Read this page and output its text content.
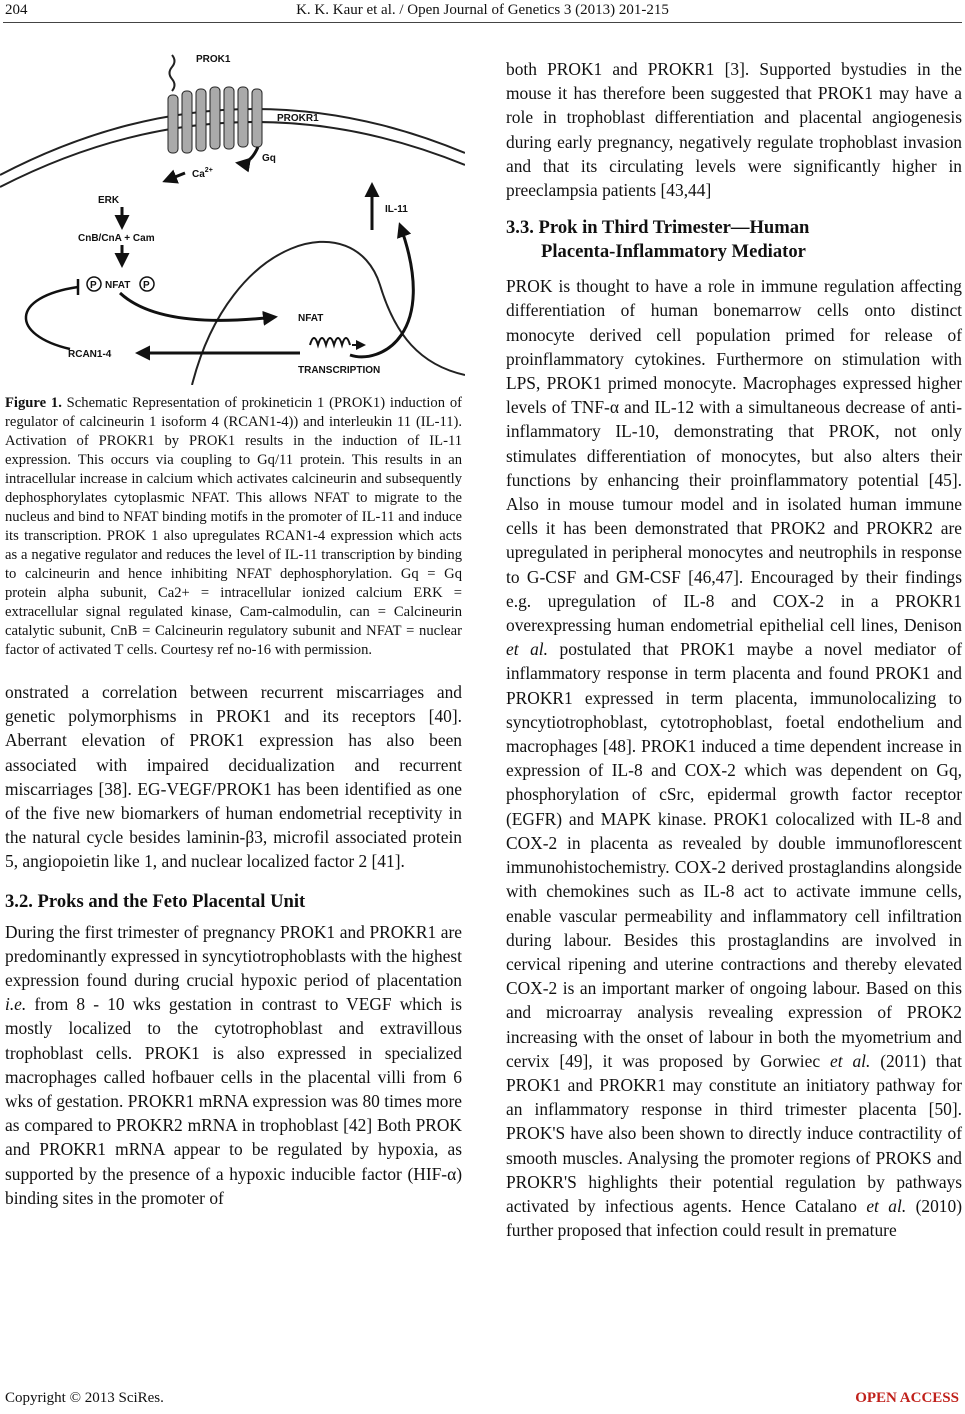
204	K. K. Kaur et al. / Open Journal of Genetics 3 (2013) 201-215
PROK1
PROKR1
Gq
$Ca^{2+}$
ERK
CnB/CnA + Cam
IL-11
P NFAT P
NFAT
RCAN1-4
TRANSCRIPTION
Figure 1. Schematic Representation of prokineticin 1 (PROK1) induction of regulator of calcineurin 1 isoform 4 (RCAN1-4)) and interleukin 11 (IL-11). Activation of PROKR1 by PROK1 results in the induction of IL-11 expression. This occurs via coupling to Gq/11 protein. This results in an intracellular increase in calcium which activates calcineurin and subsequently dephosphorylates cytoplasmic NFAT. This allows NFAT to migrate to the nucleus and bind to NFAT binding motifs in the promoter of IL-11 and induce its transcription. PROK 1 also upregulates RCAN1-4 expression which acts as a negative regulator and reduces the level of IL-11 transcription by binding to calcineurin and hence inhibiting NFAT dephosphorylation. Gq = Gq protein alpha subunit, Ca2+ = intracellular ionized calcium ERK = extracellular signal regulated kinase, Cam-calmodulin, can = Calcineurin catalytic subunit, CnB = Calcineurin regulatory subunit and NFAT = nuclear factor of activated T cells. Courtesy ref no-16 with permission.

onstrated a correlation between recurrent miscarriages and genetic polymorphisms in PROK1 and its receptors [40]. Aberrant elevation of PROK1 expression has also been associated with impaired decidualization and recurrent miscarriages [38]. EG-VEGF/PROK1 has been identified as one of the five new biomarkers of human endometrial receptivity in the natural cycle besides laminin-β3, microfil associated protein 5, angiopoietin like 1, and nuclear localized factor 2 [41].

3.2. Proks and the Feto Placental Unit

During the first trimester of pregnancy PROK1 and PROKR1 are predominantly expressed in syncytiotrophoblasts with the highest expression found during crucial hypoxic period of placentation i.e. from 8 - 10 wks gestation in contrast to VEGF which is mostly localized to the cytotrophoblast and extravillous trophoblast cells. PROK1 is also expressed in specialized macrophages called hofbauer cells in the placental villi from 6 wks of gestation. PROKR1 mRNA expression was 80 times more as compared to PROKR2 mRNA in trophoblast [42] Both PROK and PROKR1 mRNA appear to be regulated by hypoxia, as supported by the presence of a hypoxic inducible factor (HIF-α) binding sites in the promoter of

both PROK1 and PROKR1 [3]. Supported bystudies in the mouse it has therefore been suggested that PROK1 may have a role in trophoblast differentiation and placental angiogenesis during early pregnancy, negatively regulate trophoblast invasion and that its circulating levels were significantly higher in preeclampsia patients [43,44]

3.3. Prok in Third Trimester—Human
Placenta-Inflammatory Mediator

PROK is thought to have a role in immune regulation affecting differentiation of human bonemarrow cells onto distinct monocyte derived cell population primed for release of proinflammatory cytokines. Furthermore on stimulation with LPS, PROK1 primed monocyte. Macrophages expressed higher levels of TNF-α and IL-12 with a simultaneous decrease of anti-inflammatory IL-10, demonstrating that PROK, not only stimulates differentiation of monocytes, but also alters their functions by enhancing their proinflammatory potential [45]. Also in mouse tumour model and in isolated human immune cells it has been demonstrated that PROK2 and PROKR2 are upregulated in peripheral monocytes and neutrophils in response to G-CSF and GM-CSF [46,47]. Encouraged by their findings e.g. upregulation of IL-8 and COX-2 in a PROKR1 overexpressing human endometrial epithelial cell lines, Denison et al. postulated that PROK1 maybe a novel mediator of inflammatory response in term placenta and found PROK1 and PROKR1 expressed in term placenta, immunolocalizing to syncytiotrophoblast, cytotrophoblast, foetal endothelium and macrophages [48]. PROK1 induced a time dependent increase in expression of IL-8 and COX-2 which was dependent on Gq, phosphorylation of cSrc, epidermal growth factor receptor (EGFR) and MAPK kinase. PROK1 colocalized with IL-8 and COX-2 in placenta as revealed by double immunoflorescent immunohistochemistry. COX-2 derived prostaglandins alongside with chemokines such as IL-8 act to activate immune cells, enable vascular permeability and inflammatory cell infiltration during labour. Besides this prostaglandins are involved in cervical ripening and uterine contractions and thereby elevated COX-2 is an important marker of ongoing labour. Based on this and microarray analysis revealing expression of PROK2 increasing with the onset of labour in both the myometrium and cervix [49], it was proposed by Gorwiec et al. (2011) that PROK1 and PROKR1 may constitute an initiatory pathway for an inflammatory response in third trimester placenta [50]. PROK'S have also been shown to directly induce contractility of smooth muscles. Analysing the promoter regions of PROKS and PROKR'S highlights their potential regulation by pathways activated by infectious agents. Hence Catalano et al. (2010) further proposed that infection could result in premature

Copyright © 2013 SciRes.	OPEN ACCESS
